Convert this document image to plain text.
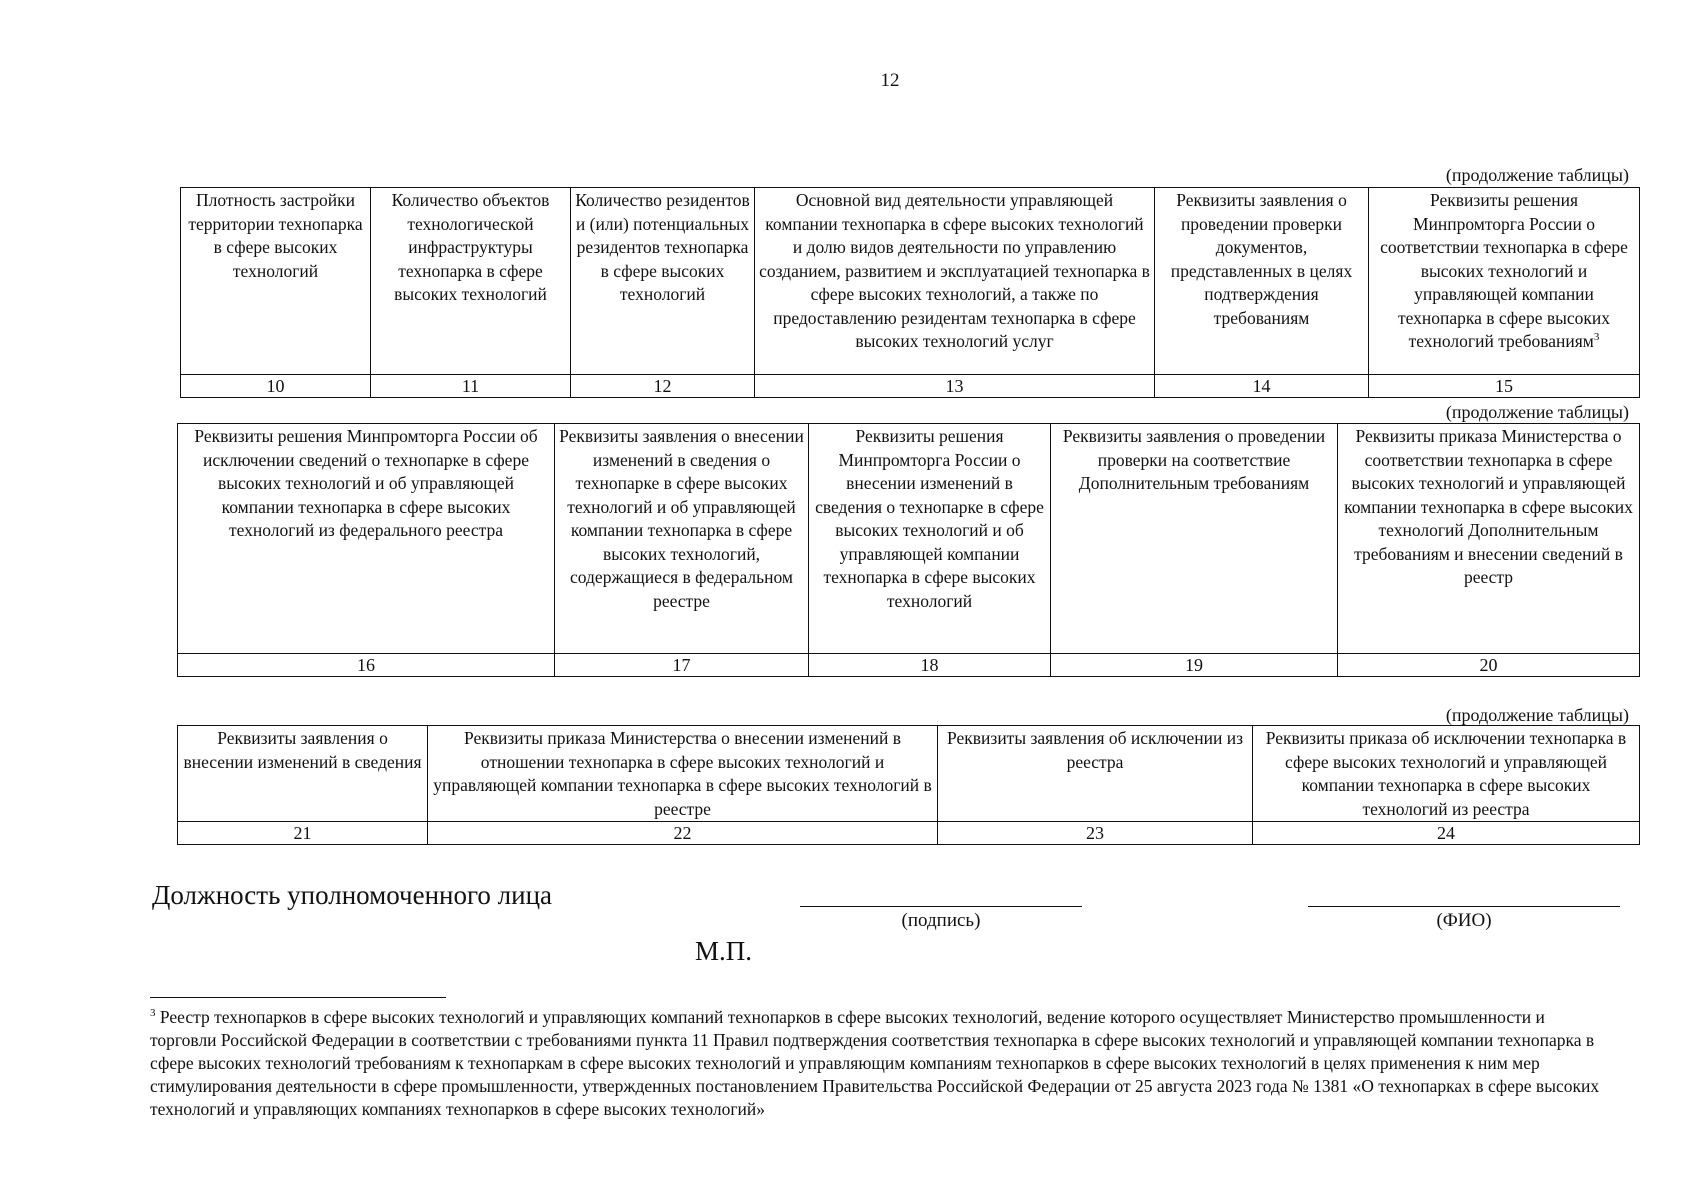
12
(продолжение таблицы)
Плотность застройки территории технопарка в сфере высоких технологий	Количество объектов технологической инфраструктуры технопарка в сфере высоких технологий	Количество резидентов и (или) потенциальных резидентов технопарка в сфере высоких технологий	Основной вид деятельности управляющей компании технопарка в сфере высоких технологий и долю видов деятельности по управлению созданием, развитием и эксплуатацией технопарка в сфере высоких технологий, а также по предоставлению резидентам технопарка в сфере высоких технологий услуг	Реквизиты заявления о проведении проверки документов, представленных в целях подтверждения требованиям	Реквизиты решения Минпромторга России о соответствии технопарка в сфере высоких технологий и управляющей компании технопарка в сфере высоких технологий требованиям$^3$
10	11	12	13	14	15
(продолжение таблицы)
Реквизиты решения Минпромторга России об исключении сведений о технопарке в сфере высоких технологий и об управляющей компании технопарка в сфере высоких технологий из федерального реестра	Реквизиты заявления о внесении изменений в сведения о технопарке в сфере высоких технологий и об управляющей компании технопарка в сфере высоких технологий, содержащиеся в федеральном реестре	Реквизиты решения Минпромторга России о внесении изменений в сведения о технопарке в сфере высоких технологий и об управляющей компании технопарка в сфере высоких технологий	Реквизиты заявления о проведении проверки на соответствие Дополнительным требованиям	Реквизиты приказа Министерства о соответствии технопарка в сфере высоких технологий и управляющей компании технопарка в сфере высоких технологий Дополнительным требованиям и внесении сведений в реестр
16	17	18	19	20
(продолжение таблицы)
Реквизиты заявления о внесении изменений в сведения	Реквизиты приказа Министерства о внесении изменений в отношении технопарка в сфере высоких технологий и управляющей компании технопарка в сфере высоких технологий в реестре	Реквизиты заявления об исключении из реестра	Реквизиты приказа об исключении технопарка в сфере высоких технологий и управляющей компании технопарка в сфере высоких технологий из реестра
21	22	23	24
Должность уполномоченного лица
(подпись)	(ФИО)
М.П.
$^3$ Реестр технопарков в сфере высоких технологий и управляющих компаний технопарков в сфере высоких технологий, ведение которого осуществляет Министерство промышленности и торговли Российской Федерации в соответствии с требованиями пункта 11 Правил подтверждения соответствия технопарка в сфере высоких технологий и управляющей компании технопарка в сфере высоких технологий требованиям к технопаркам в сфере высоких технологий и управляющим компаниям технопарков в сфере высоких технологий в целях применения к ним мер стимулирования деятельности в сфере промышленности, утвержденных постановлением Правительства Российской Федерации от 25 августа 2023 года № 1381 «О технопарках в сфере высоких технологий и управляющих компаниях технопарков в сфере высоких технологий»
